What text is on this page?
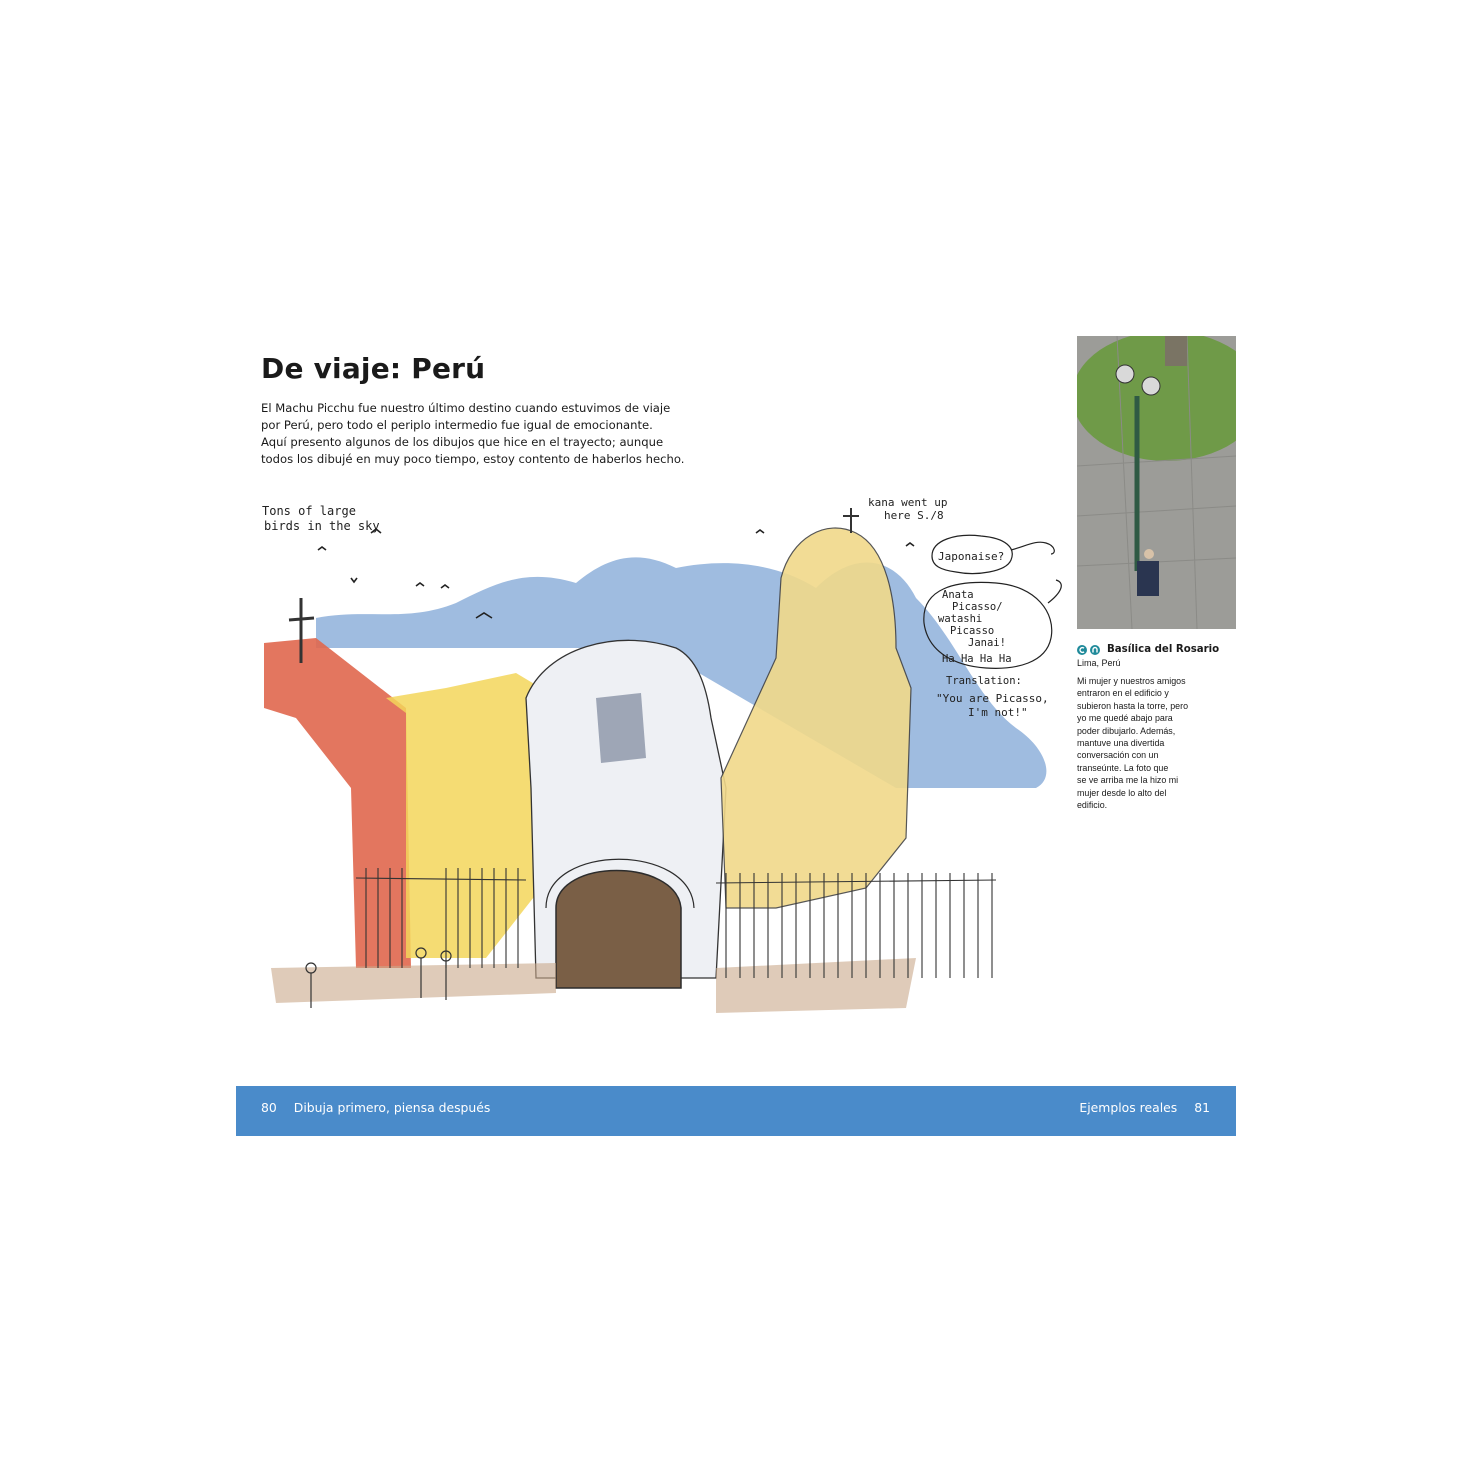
De viaje: Perú
El Machu Picchu fue nuestro último destino cuando estuvimos de viaje
por Perú, pero todo el periplo intermedio fue igual de emocionante.
Aquí presento algunos de los dibujos que hice en el trayecto; aunque
todos los dibujé en muy poco tiempo, estoy contento de haberlos hecho.
Tons of large
birds in the sky
kana went up
here S./8
Japonaise?
Anata
Picasso/
watashi
Picasso
Janai!
Ha Ha Ha Ha
Translation:
"You are Picasso,
I'm not!"
Basílica del Rosario
Lima, Perú
Mi mujer y nuestros amigos
entraron en el edificio y
subieron hasta la torre, pero
yo me quedé abajo para
poder dibujarlo. Además,
mantuve una divertida
conversación con un
transeúnte. La foto que
se ve arriba me la hizo mi
mujer desde lo alto del
edificio.
80 Dibuja primero, piensa después	Ejemplos reales 81
